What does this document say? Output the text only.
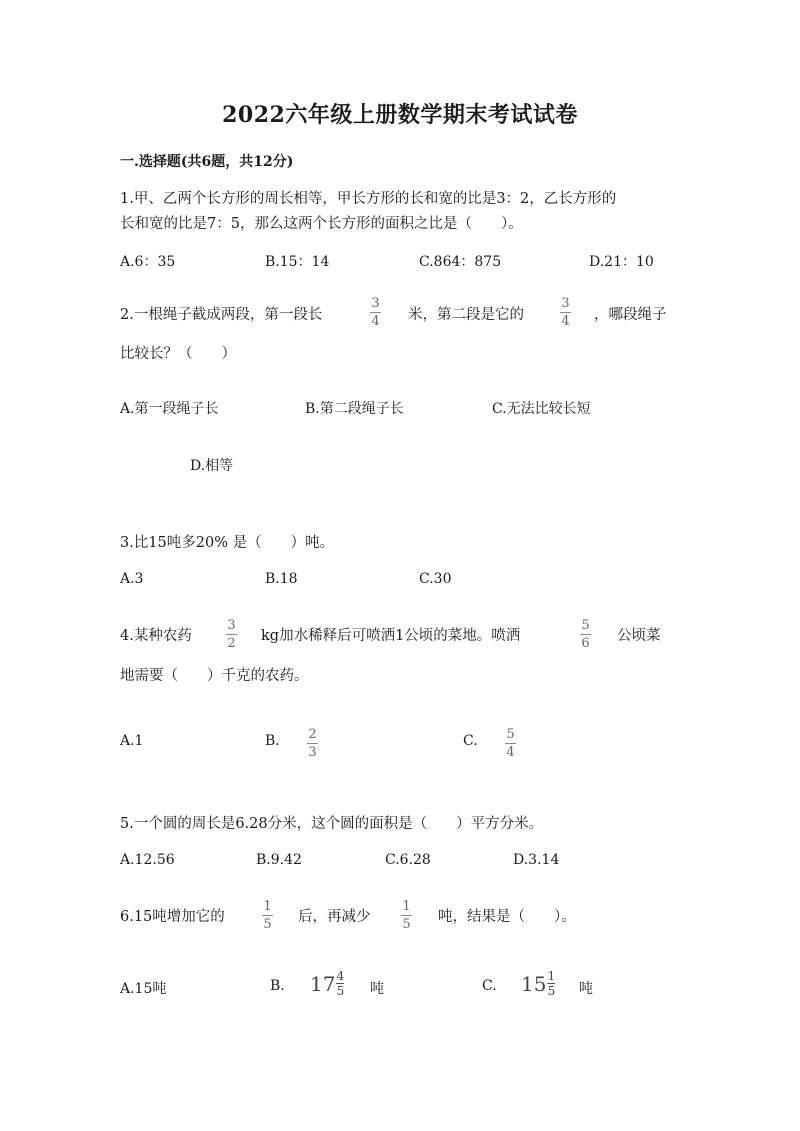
2022六年级上册数学期末考试试卷
一.选择题(共6题，共12分)
1.甲、乙两个长方形的周长相等，甲长方形的长和宽的比是3：2，乙长方形的
长和宽的比是7：5，那么这两个长方形的面积之比是（　　）。
A.6：35	B.15：14	C.864：875	D.21：10
2.一根绳子截成两段，第一段长
3
4 米，第二段是它的
3
4 ，哪段绳子
比较长？（　　）
A.第一段绳子长	B.第二段绳子长	C.无法比较长短
D.相等
3.比15吨多20% 是（　　）吨。
A.3	B.18	C.30
4.某种农药
3
2 kg加水稀释后可喷洒1公顷的菜地。喷洒
5
6 公顷菜
地需要（　　）千克的农药。
A.1	B. 2
3
C. 5
4
5.一个圆的周长是6.28分米，这个圆的面积是（　　）平方分米。
A.12.56	B.9.42	C.6.28	D.3.14
6.15吨增加它的
1
5 后，再减少
1
5 吨，结果是（　　）。
A.15吨	B. $17 \frac{4}{5}$ 吨	C. $15 \frac{1}{5}$ 吨
